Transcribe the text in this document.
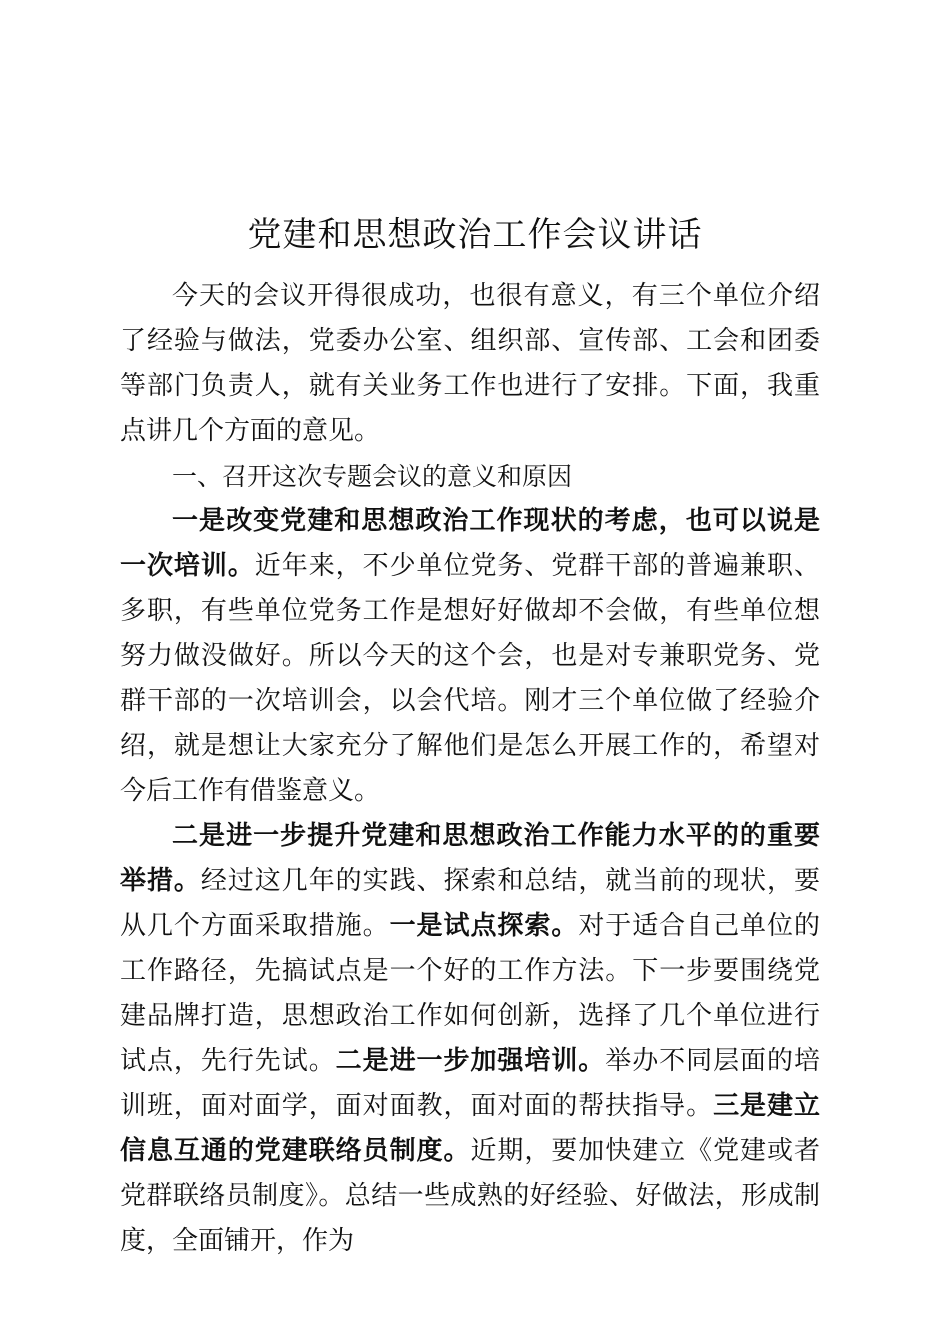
党建和思想政治工作会议讲话

今天的会议开得很成功，也很有意义，有三个单位介绍了经验与做法，党委办公室、组织部、宣传部、工会和团委等部门负责人，就有关业务工作也进行了安排。下面，我重点讲几个方面的意见。

一、召开这次专题会议的意义和原因

一是改变党建和思想政治工作现状的考虑，也可以说是一次培训。近年来，不少单位党务、党群干部的普遍兼职、多职，有些单位党务工作是想好好做却不会做，有些单位想努力做没做好。所以今天的这个会，也是对专兼职党务、党群干部的一次培训会，以会代培。刚才三个单位做了经验介绍，就是想让大家充分了解他们是怎么开展工作的，希望对今后工作有借鉴意义。

二是进一步提升党建和思想政治工作能力水平的的重要举措。经过这几年的实践、探索和总结，就当前的现状，要从几个方面采取措施。一是试点探索。对于适合自己单位的工作路径，先搞试点是一个好的工作方法。下一步要围绕党建品牌打造，思想政治工作如何创新，选择了几个单位进行试点，先行先试。二是进一步加强培训。举办不同层面的培训班，面对面学，面对面教，面对面的帮扶指导。三是建立信息互通的党建联络员制度。近期，要加快建立《党建或者党群联络员制度》。总结一些成熟的好经验、好做法，形成制度，全面铺开，作为
